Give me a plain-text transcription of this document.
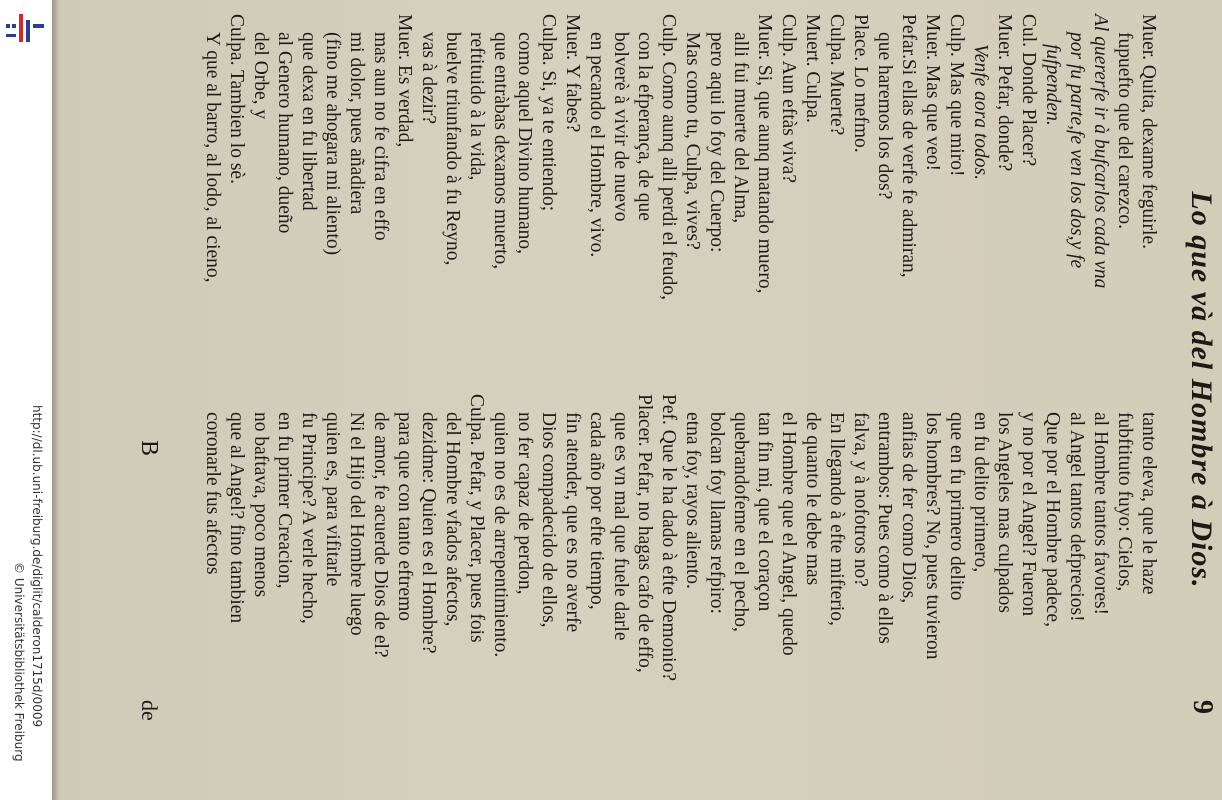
http://dl.ub.uni-freiburg.de/diglit/calderon1715d/0009
© Universitätsbibliothek Freiburg
Lo que và del Hombre à Dios.
9
Muer. Quita, dexame feguirle.
fupuefto que del carezco.
Al quererfe ir à bufcarlos cada vna
por fu parte,fe ven los dos,y fe
fufpenden.
Cul. Donde Placer?
Muer. Pefar, donde?
Venfe aora todos.
Culp. Mas que miro!
Muer. Mas que veo!
Pefar.Si ellas de verfe fe admiran,
que haremos los dos?
Place. Lo mefmo.
Culpa. Muerte?
Muert. Culpa.
Culp. Aun eftàs viva?
Muer. Si, que aunq matando muero,
alli fui muerte del Alma,
pero aqui lo foy del Cuerpo:
Mas como tu, Culpa, vives?
Culp. Como aunq alli perdi el feudo,
con la efperança, de que
bolverè à vivir de nuevo
en pecando el Hombre, vivo.
Muer. Y fabes?
Culpa. Si, ya te entiendo;
como aquel Divino humano,
que entràbas dexamos muerto,
reftituido à la vida,
buelve triunfando à fu Reyno,
vas à dezir?
Muer. Es verdad,
mas aun no fe cifra en effo
mi dolor, pues añadiera
(fino me ahogara mi aliento)
que dexa en fu libertad
al Genero humano, dueño
del Orbe, y
Culpa. Tambien lo sè.
Y que al barro, al lodo, al cieno,
tanto eleva, que le haze
fubftituto fuyo: Cielos,
al Hombre tantos favores!
al Angel tantos defprecios!
Que por el Hombre padece,
y no por el Angel? Fueron
los Angeles mas culpados
en fu delito primero,
que en fu primero delito
los hombres? No, pues tuvieron
anfias de fer como Dios,
entrambos: Pues como à ellos
falva, y à nofotros no?
En llegando à efte mifterio,
de quanto le debe mas
el Hombre que el Angel, quedo
tan fin mi, que el coraçon
quebrandofeme en el pecho,
bolcan foy llamas refpiro:
etna foy, rayos aliento.
Pef. Que le ha dado à efte Demonio?
Placer. Pefar, no hagas cafo de effo,
que es vn mal que fuele darle
cada año por efte tiempo,
fin atender, que es no averfe
Dios compadecido de ellos,
no fer capaz de perdon,
quien no es de arrepentimiento.
Culpa. Pefar, y Placer, pues fois
del Hombre vfados afectos,
dezidme: Quien es el Hombre?
para que con tanto eftremo
de amor, fe acuerde Dios de el?
Ni el Hijo del Hombre luego
quien es, para vifitarle
fu Principe? A verle hecho,
en fu primer Creacion,
no baftava, poco menos
que al Angel? fino tambien
coronarle fus afectos
B
de
